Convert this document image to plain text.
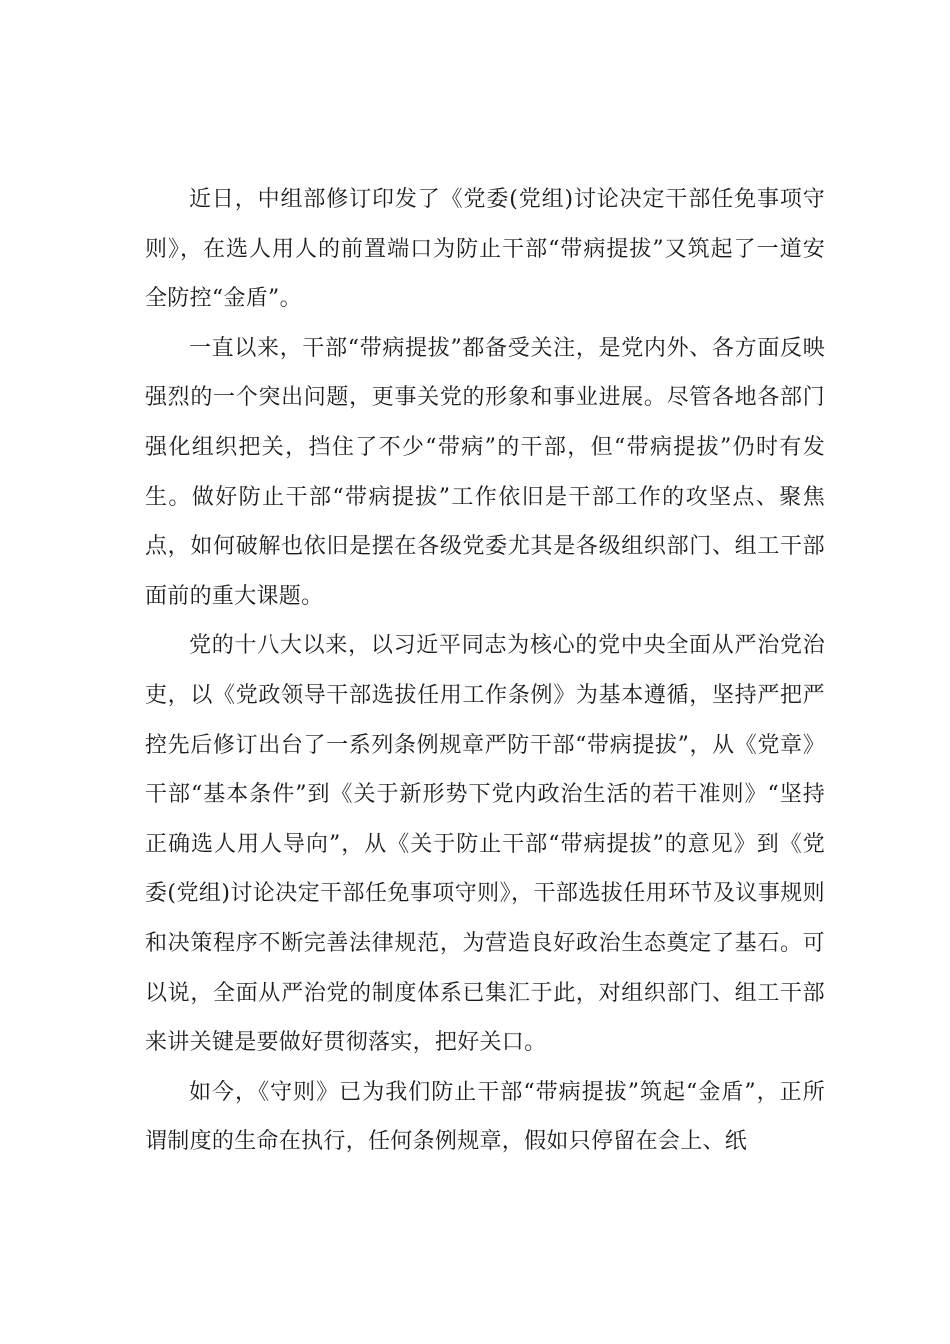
近日，中组部修订印发了《党委(党组)讨论决定干部任免事项守则》，在选人用人的前置端口为防止干部“带病提拔”又筑起了一道安全防控“金盾”。

一直以来，干部“带病提拔”都备受关注，是党内外、各方面反映强烈的一个突出问题，更事关党的形象和事业进展。尽管各地各部门强化组织把关，挡住了不少“带病”的干部，但“带病提拔”仍时有发生。做好防止干部“带病提拔”工作依旧是干部工作的攻坚点、聚焦点，如何破解也依旧是摆在各级党委尤其是各级组织部门、组工干部面前的重大课题。

党的十八大以来，以习近平同志为核心的党中央全面从严治党治吏，以《党政领导干部选拔任用工作条例》为基本遵循，坚持严把严控先后修订出台了一系列条例规章严防干部“带病提拔”，从《党章》干部“基本条件”到《关于新形势下党内政治生活的若干准则》“坚持正确选人用人导向”，从《关于防止干部“带病提拔”的意见》到《党委(党组)讨论决定干部任免事项守则》，干部选拔任用环节及议事规则和决策程序不断完善法律规范，为营造良好政治生态奠定了基石。可以说，全面从严治党的制度体系已集汇于此，对组织部门、组工干部来讲关键是要做好贯彻落实，把好关口。

如今，《守则》已为我们防止干部“带病提拔”筑起“金盾”，正所谓制度的生命在执行，任何条例规章，假如只停留在会上、纸
